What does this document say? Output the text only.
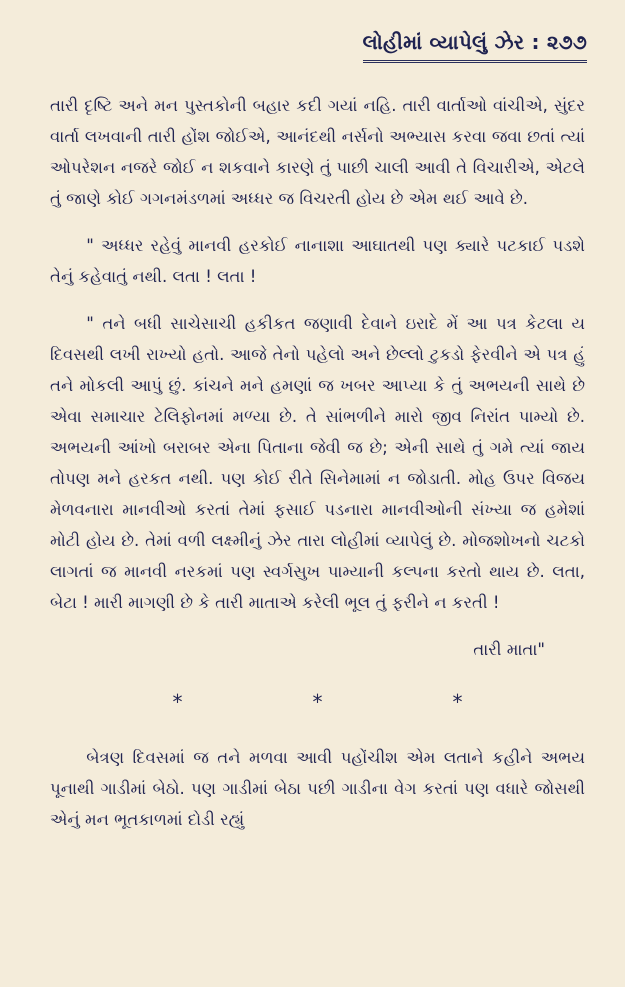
લોહીમાં વ્યાપેલું ઝેર : ૨૭૭

તારી દૃષ્ટિ અને મન પુસ્તકોની બહાર કદી ગયાં નહિ. તારી વાર્તાઓ વાંચીએ, સુંદર વાર્તા લખવાની તારી હોંશ જોઈએ, આનંદથી નર્સનો અભ્યાસ કરવા જવા છતાં ત્યાં ઓપરેશન નજરે જોઈ ન શકવાને કારણે તું પાછી ચાલી આવી તે વિચારીએ, એટલે તું જાણે કોઈ ગગનમંડળમાં અધ્ધર જ વિચરતી હોય છે એમ થઈ આવે છે.

" અધ્ધર રહેવું માનવી હરકોઈ નાનાશા આઘાતથી પણ ક્યારે પટકાઈ પડશે તેનું કહેવાતું નથી. લતા ! લતા !

" તને બધી સાચેસાચી હકીકત જણાવી દેવાને ઇરાદે મેં આ પત્ર કેટલા ય દિવસથી લખી રાખ્યો હતો. આજે તેનો પહેલો અને છેલ્લો ટુકડો ફેરવીને એ પત્ર હું તને મોકલી આપું છું. કાંચને મને હમણાં જ ખબર આપ્યા કે તું અભયની સાથે છે એવા સમાચાર ટેલિફોનમાં મળ્યા છે. તે સાંભળીને મારો જીવ નિરાંત પામ્યો છે. અભયની આંખો બરાબર એના પિતાના જેવી જ છે; એની સાથે તું ગમે ત્યાં જાય તોપણ મને હરકત નથી. પણ કોઈ રીતે સિનેમામાં ન જોડાતી. મોહ ઉપર વિજય મેળવનારા માનવીઓ કરતાં તેમાં ફસાઈ પડનારા માનવીઓની સંખ્યા જ હમેશાં મોટી હોય છે. તેમાં વળી લક્ષ્મીનું ઝેર તારા લોહીમાં વ્યાપેલું છે. મોજશોખનો ચટકો લાગતાં જ માનવી નરકમાં પણ સ્વર્ગસુખ પામ્યાની કલ્પના કરતો થાય છે. લતા, બેટા ! મારી માગણી છે કે તારી માતાએ કરેલી ભૂલ તું ફરીને ન કરતી !

તારી માતા"
*	*	*

બેત્રણ દિવસમાં જ તને મળવા આવી પહોંચીશ એમ લતાને કહીને અભય પૂનાથી ગાડીમાં બેઠો. પણ ગાડીમાં બેઠા પછી ગાડીના વેગ કરતાં પણ વધારે જોસથી એનું મન ભૂતકાળમાં દોડી રહ્યું
